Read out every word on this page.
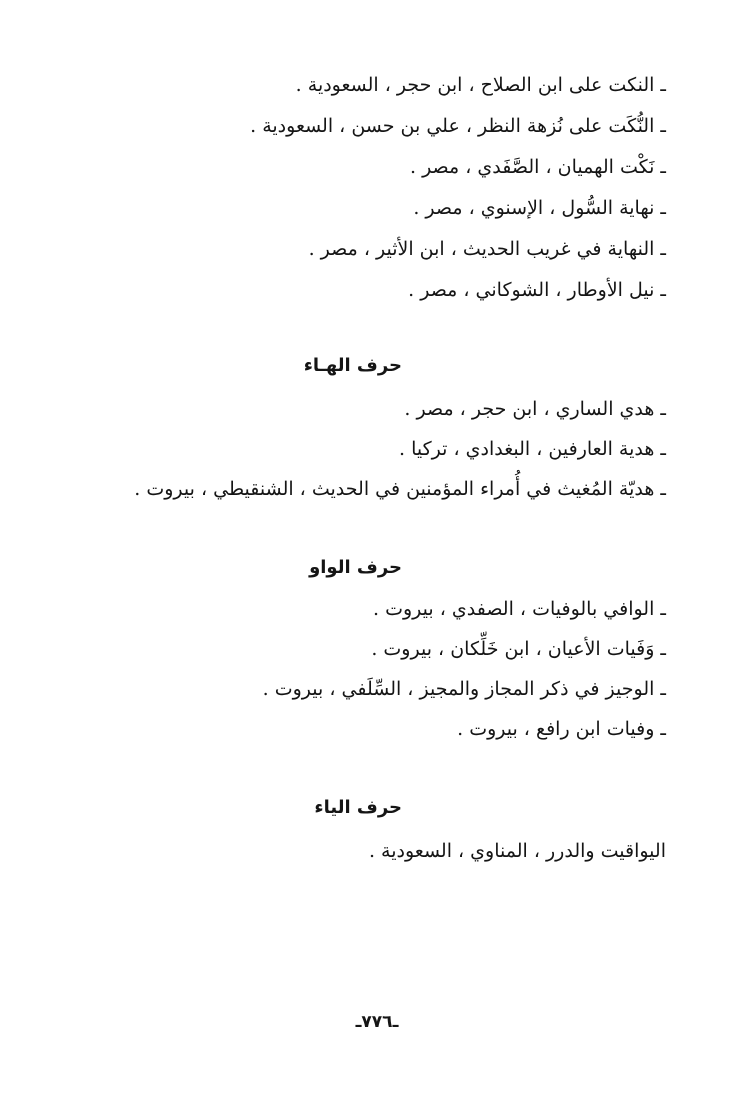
ـ النكت على ابن الصلاح ، ابن حجر ، السعودية .
ـ النُّكَت على نُزهة النظر ، علي بن حسن ، السعودية .
ـ نَكْت الهميان ، الصَّفَدي ، مصر .
ـ نهاية السُّول ، الإسنوي ، مصر .
ـ النهاية في غريب الحديث ، ابن الأثير ، مصر .
ـ نيل الأوطار ، الشوكاني ، مصر .
حرف الهـاء
ـ هدي الساري ، ابن حجر ، مصر .
ـ هدية العارفين ، البغدادي ، تركيا .
ـ هديّة المُغيث في أُمراء المؤمنين في الحديث ، الشنقيطي ، بيروت .
حرف الواو
ـ الوافي بالوفيات ، الصفدي ، بيروت .
ـ وَفَيات الأعيان ، ابن خَلِّكان ، بيروت .
ـ الوجيز في ذكر المجاز والمجيز ، السِّلَفي ، بيروت .
ـ وفيات ابن رافع ، بيروت .
حرف الياء
اليواقيت والدرر ، المناوي ، السعودية .
ـ٧٧٦ـ
